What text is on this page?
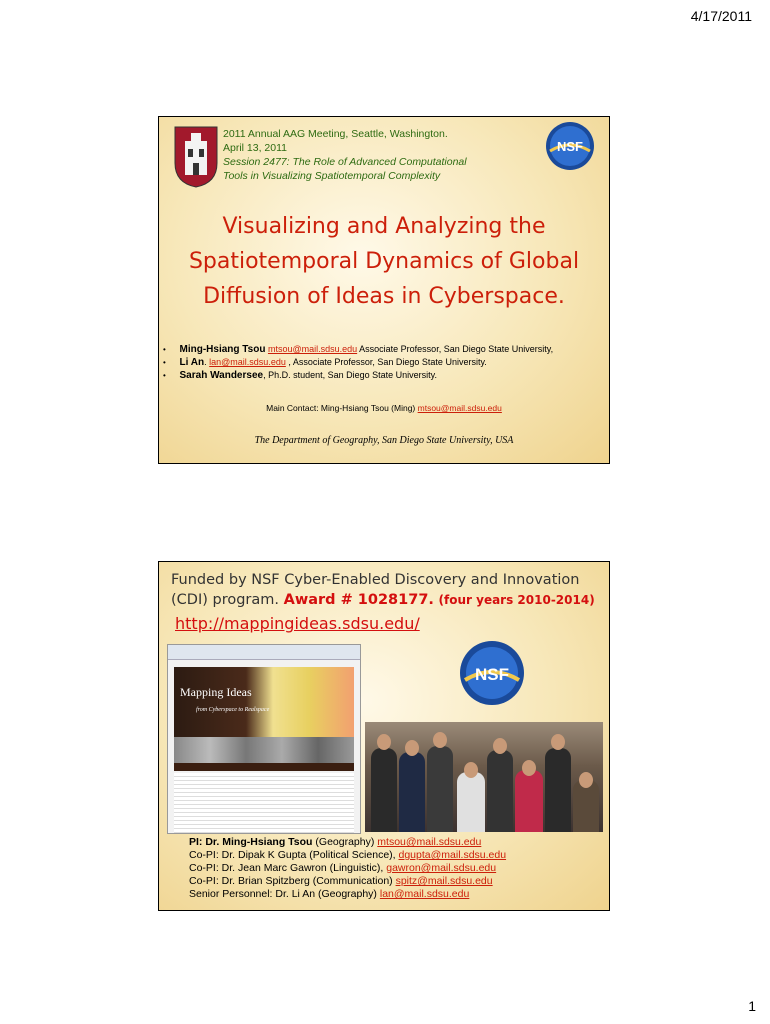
4/17/2011
2011 Annual AAG Meeting, Seattle, Washington.
April 13, 2011
Session 2477: The Role of Advanced Computational
Tools in Visualizing Spatiotemporal Complexity
NSF
Visualizing and Analyzing the
Spatiotemporal Dynamics of Global
Diffusion of Ideas in Cyberspace.
• Ming-Hsiang Tsou mtsou@mail.sdsu.edu Associate Professor, San Diego State University,
• Li An. lan@mail.sdsu.edu , Associate Professor, San Diego State University.
• Sarah Wandersee, Ph.D. student, San Diego State University.
Main Contact: Ming-Hsiang Tsou (Ming) mtsou@mail.sdsu.edu
The Department of Geography, San Diego State University, USA
Funded by NSF Cyber-Enabled Discovery and Innovation (CDI) program. Award # 1028177. (four years 2010-2014)
http://mappingideas.sdsu.edu/
Mapping Ideas
from Cyberspace to Realspace
NSF
PI: Dr. Ming-Hsiang Tsou (Geography) mtsou@mail.sdsu.edu
Co-PI: Dr. Dipak K Gupta (Political Science), dgupta@mail.sdsu.edu
Co-PI: Dr. Jean Marc Gawron (Linguistic), gawron@mail.sdsu.edu
Co-PI: Dr. Brian Spitzberg (Communication) spitz@mail.sdsu.edu
Senior Personnel: Dr. Li An (Geography) lan@mail.sdsu.edu
1
